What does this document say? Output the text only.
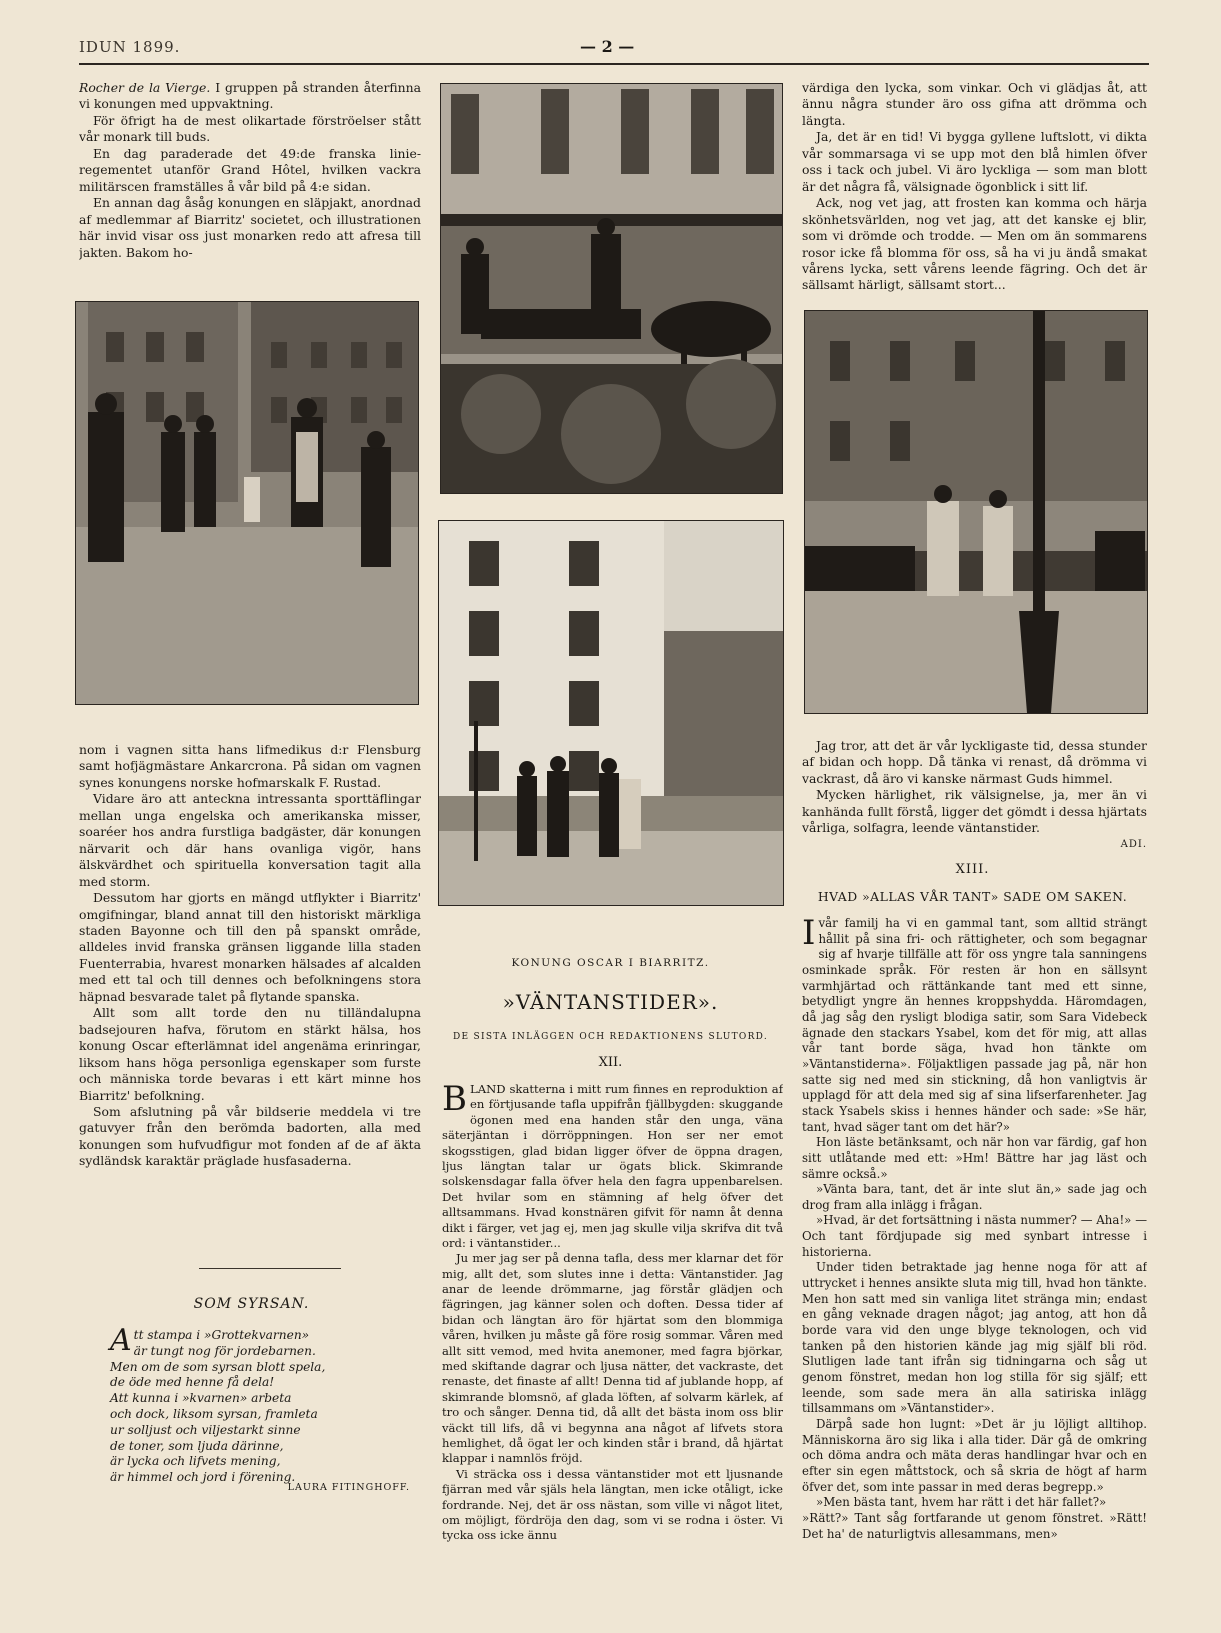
IDUN 1899.	— 2 —

Rocher de la Vierge. I gruppen på stranden återfinna vi konungen med uppvaktning.

För öfrigt ha de mest olikartade förströelser stått vår monark till buds.

En dag paraderade det 49:de franska linie-regementet utanför Grand Hôtel, hvilken vackra militärscen framställes å vår bild på 4:e sidan.

En annan dag åsåg konungen en släpjakt, anordnad af medlemmar af Biarritz' societet, och illustrationen här invid visar oss just monarken redo att afresa till jakten. Bakom ho-

nom i vagnen sitta hans lifmedikus d:r Flensburg samt hofjägmästare Ankarcrona. På sidan om vagnen synes konungens norske hofmarskalk F. Rustad.

Vidare äro att anteckna intressanta sporttäflingar mellan unga engelska och amerikanska misser, soaréer hos andra furstliga badgäster, där konungen närvarit och där hans ovanliga vigör, hans älskvärdhet och spirituella konversation tagit alla med storm.

Dessutom har gjorts en mängd utflykter i Biarritz' omgifningar, bland annat till den historiskt märkliga staden Bayonne och till den på spanskt område, alldeles invid franska gränsen liggande lilla staden Fuenterrabia, hvarest monarken hälsades af alcalden med ett tal och till dennes och befolkningens stora häpnad besvarade talet på flytande spanska.

Allt som allt torde den nu tilländalupna badsejouren hafva, förutom en stärkt hälsa, hos konung Oscar efterlämnat idel angenäma erinringar, liksom hans höga personliga egenskaper som furste och människa torde bevaras i ett kärt minne hos Biarritz' befolkning.

Som afslutning på vår bildserie meddela vi tre gatuvyer från den berömda badorten, alla med konungen som hufvudfigur mot fonden af de af äkta sydländsk karaktär präglade husfasaderna.

SOM SYRSAN.
Att stampa i »Grottekvarnen»
är tungt nog för jordebarnen.
Men om de som syrsan blott spela,
de öde med henne få dela!
Att kunna i »kvarnen» arbeta
och dock, liksom syrsan, framleta
ur solljust och viljestarkt sinne
de toner, som ljuda därinne,
är lycka och lifvets mening,
är himmel och jord i förening.
LAURA FITINGHOFF.
KONUNG OSCAR I BIARRITZ.
»VÄNTANSTIDER».
DE SISTA INLÄGGEN OCH REDAKTIONENS SLUTORD.
XII.

BLAND skatterna i mitt rum finnes en reproduktion af en förtjusande tafla uppifrån fjällbygden: skuggande ögonen med ena handen står den unga, väna säterjäntan i dörröppningen. Hon ser ner emot skogsstigen, glad bidan ligger öfver de öppna dragen, ljus längtan talar ur ögats blick. Skimrande solskensdagar falla öfver hela den fagra uppenbarelsen. Det hvilar som en stämning af helg öfver det alltsammans. Hvad konstnären gifvit för namn åt denna dikt i färger, vet jag ej, men jag skulle vilja skrifva dit två ord: i väntanstider...

Ju mer jag ser på denna tafla, dess mer klarnar det för mig, allt det, som slutes inne i detta: Väntanstider. Jag anar de leende drömmarne, jag förstår glädjen och fägringen, jag känner solen och doften. Dessa tider af bidan och längtan äro för hjärtat som den blommiga våren, hvilken ju måste gå före rosig sommar. Våren med allt sitt vemod, med hvita anemoner, med fagra björkar, med skiftande dagrar och ljusa nätter, det vackraste, det renaste, det finaste af allt! Denna tid af jublande hopp, af skimrande blomsnö, af glada löften, af solvarm kärlek, af tro och sånger. Denna tid, då allt det bästa inom oss blir väckt till lifs, då vi begynna ana något af lifvets stora hemlighet, då ögat ler och kinden står i brand, då hjärtat klappar i namnlös fröjd.

Vi sträcka oss i dessa väntanstider mot ett ljusnande fjärran med vår själs hela längtan, men icke otåligt, icke fordrande. Nej, det är oss nästan, som ville vi något litet, om möjligt, fördröja den dag, som vi se rodna i öster. Vi tycka oss icke ännu

värdiga den lycka, som vinkar. Och vi glädjas åt, att ännu några stunder äro oss gifna att drömma och längta.

Ja, det är en tid! Vi bygga gyllene luftslott, vi dikta vår sommarsaga vi se upp mot den blå himlen öfver oss i tack och jubel. Vi äro lyckliga — som man blott är det några få, välsignade ögonblick i sitt lif.

Ack, nog vet jag, att frosten kan komma och härja skönhetsvärlden, nog vet jag, att det kanske ej blir, som vi drömde och trodde. — Men om än sommarens rosor icke få blomma för oss, så ha vi ju ändå smakat vårens lycka, sett vårens leende fägring. Och det är sällsamt härligt, sällsamt stort...

Jag tror, att det är vår lyckligaste tid, dessa stunder af bidan och hopp. Då tänka vi renast, då drömma vi vackrast, då äro vi kanske närmast Guds himmel.

Mycken härlighet, rik välsignelse, ja, mer än vi kanhända fullt förstå, ligger det gömdt i dessa hjärtats vårliga, solfagra, leende väntanstider.

ADI.

XIII.
HVAD »ALLAS VÅR TANT» SADE OM SAKEN.

Ivår familj ha vi en gammal tant, som alltid strängt hållit på sina fri- och rättigheter, och som begagnar sig af hvarje tillfälle att för oss yngre tala sanningens osminkade språk. För resten är hon en sällsynt varmhjärtad och rättänkande tant med ett sinne, betydligt yngre än hennes kroppshydda. Häromdagen, då jag såg den rysligt blodiga satir, som Sara Videbeck ägnade den stackars Ysabel, kom det för mig, att allas vår tant borde säga, hvad hon tänkte om »Väntanstiderna». Följaktligen passade jag på, när hon satte sig ned med sin stickning, då hon vanligtvis är upplagd för att dela med sig af sina lifserfarenheter. Jag stack Ysabels skiss i hennes händer och sade: »Se här, tant, hvad säger tant om det här?»

Hon läste betänksamt, och när hon var färdig, gaf hon sitt utlåtande med ett: »Hm! Bättre har jag läst och sämre också.»

»Vänta bara, tant, det är inte slut än,» sade jag och drog fram alla inlägg i frågan.

»Hvad, är det fortsättning i nästa nummer? — Aha!» — Och tant fördjupade sig med synbart intresse i historierna.

Under tiden betraktade jag henne noga för att af uttrycket i hennes ansikte sluta mig till, hvad hon tänkte. Men hon satt med sin vanliga litet stränga min; endast en gång veknade dragen något; jag antog, att hon då borde vara vid den unge blyge teknologen, och vid tanken på den historien kände jag mig själf bli röd. Slutligen lade tant ifrån sig tidningarna och såg ut genom fönstret, medan hon log stilla för sig själf; ett leende, som sade mera än alla satiriska inlägg tillsammans om »Väntanstider».

Därpå sade hon lugnt: »Det är ju löjligt alltihop. Människorna äro sig lika i alla tider. Där gå de omkring och döma andra och mäta deras handlingar hvar och en efter sin egen måttstock, och så skria de högt af harm öfver det, som inte passar in med deras begrepp.»

»Men bästa tant, hvem har rätt i det här fallet?»

»Rätt?» Tant såg fortfarande ut genom fönstret. »Rätt! Det ha' de naturligtvis allesammans, men»
